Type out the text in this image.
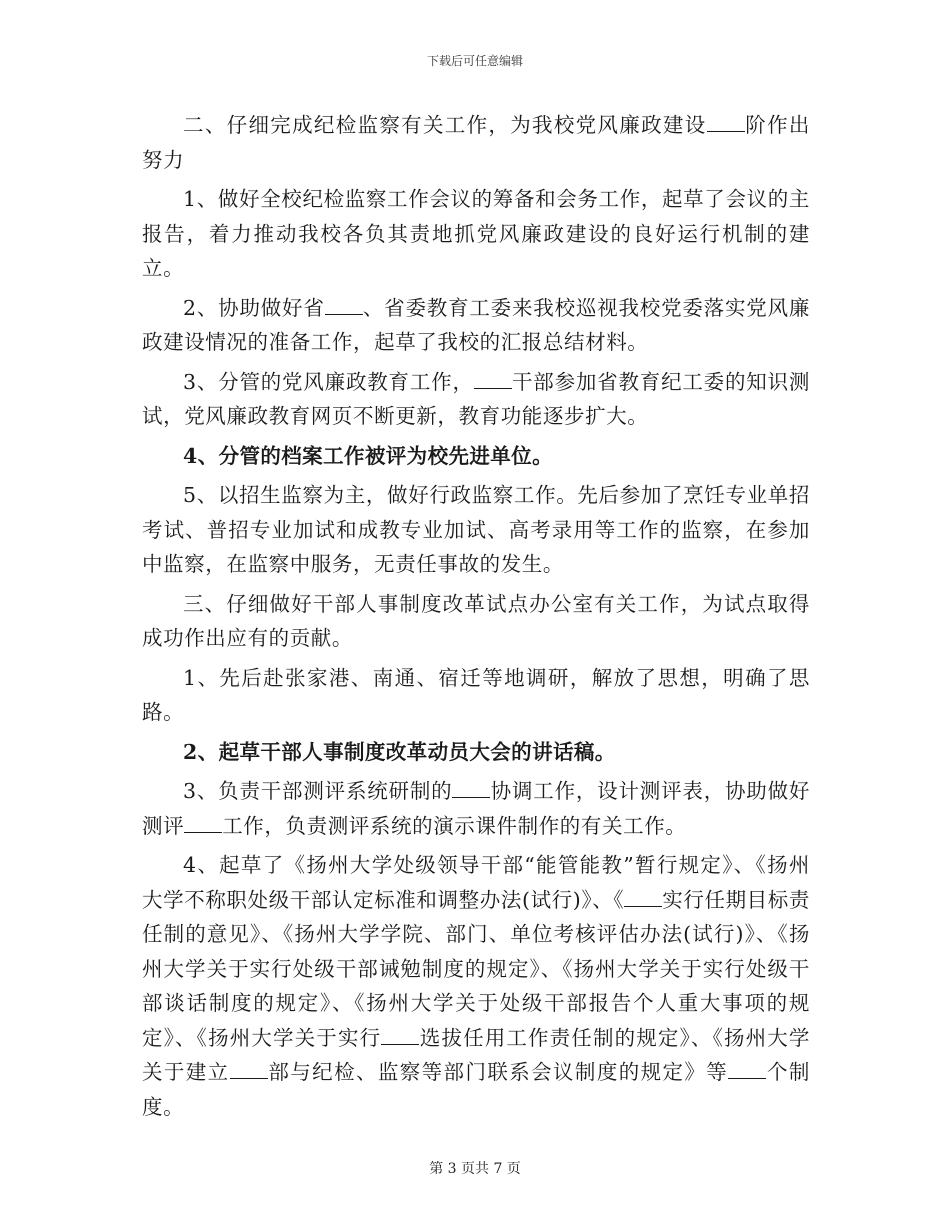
下载后可任意编辑

二、仔细完成纪检监察有关工作，为我校党风廉政建设 阶作出努力

1、做好全校纪检监察工作会议的筹备和会务工作，起草了会议的主报告，着力推动我校各负其责地抓党风廉政建设的良好运行机制的建立。

2、协助做好省 、省委教育工委来我校巡视我校党委落实党风廉政建设情况的准备工作，起草了我校的汇报总结材料。

3、分管的党风廉政教育工作， 干部参加省教育纪工委的知识测试，党风廉政教育网页不断更新，教育功能逐步扩大。

4、分管的档案工作被评为校先进单位。

5、以招生监察为主，做好行政监察工作。先后参加了烹饪专业单招考试、普招专业加试和成教专业加试、高考录用等工作的监察，在参加中监察，在监察中服务，无责任事故的发生。

三、仔细做好干部人事制度改革试点办公室有关工作，为试点取得成功作出应有的贡献。

1、先后赴张家港、南通、宿迁等地调研，解放了思想，明确了思路。

2、起草干部人事制度改革动员大会的讲话稿。

3、负责干部测评系统研制的 协调工作，设计测评表，协助做好测评 工作，负责测评系统的演示课件制作的有关工作。

4、起草了《扬州大学处级领导干部“能管能教”暂行规定》、《扬州大学不称职处级干部认定标准和调整办法(试行)》、《 实行任期目标责任制的意见》、《扬州大学学院、部门、单位考核评估办法(试行)》、《扬州大学关于实行处级干部诫勉制度的规定》、《扬州大学关于实行处级干部谈话制度的规定》、《扬州大学关于处级干部报告个人重大事项的规定》、《扬州大学关于实行 选拔任用工作责任制的规定》、《扬州大学关于建立 部与纪检、监察等部门联系会议制度的规定》等 个制度。

第 3 页共 7 页
